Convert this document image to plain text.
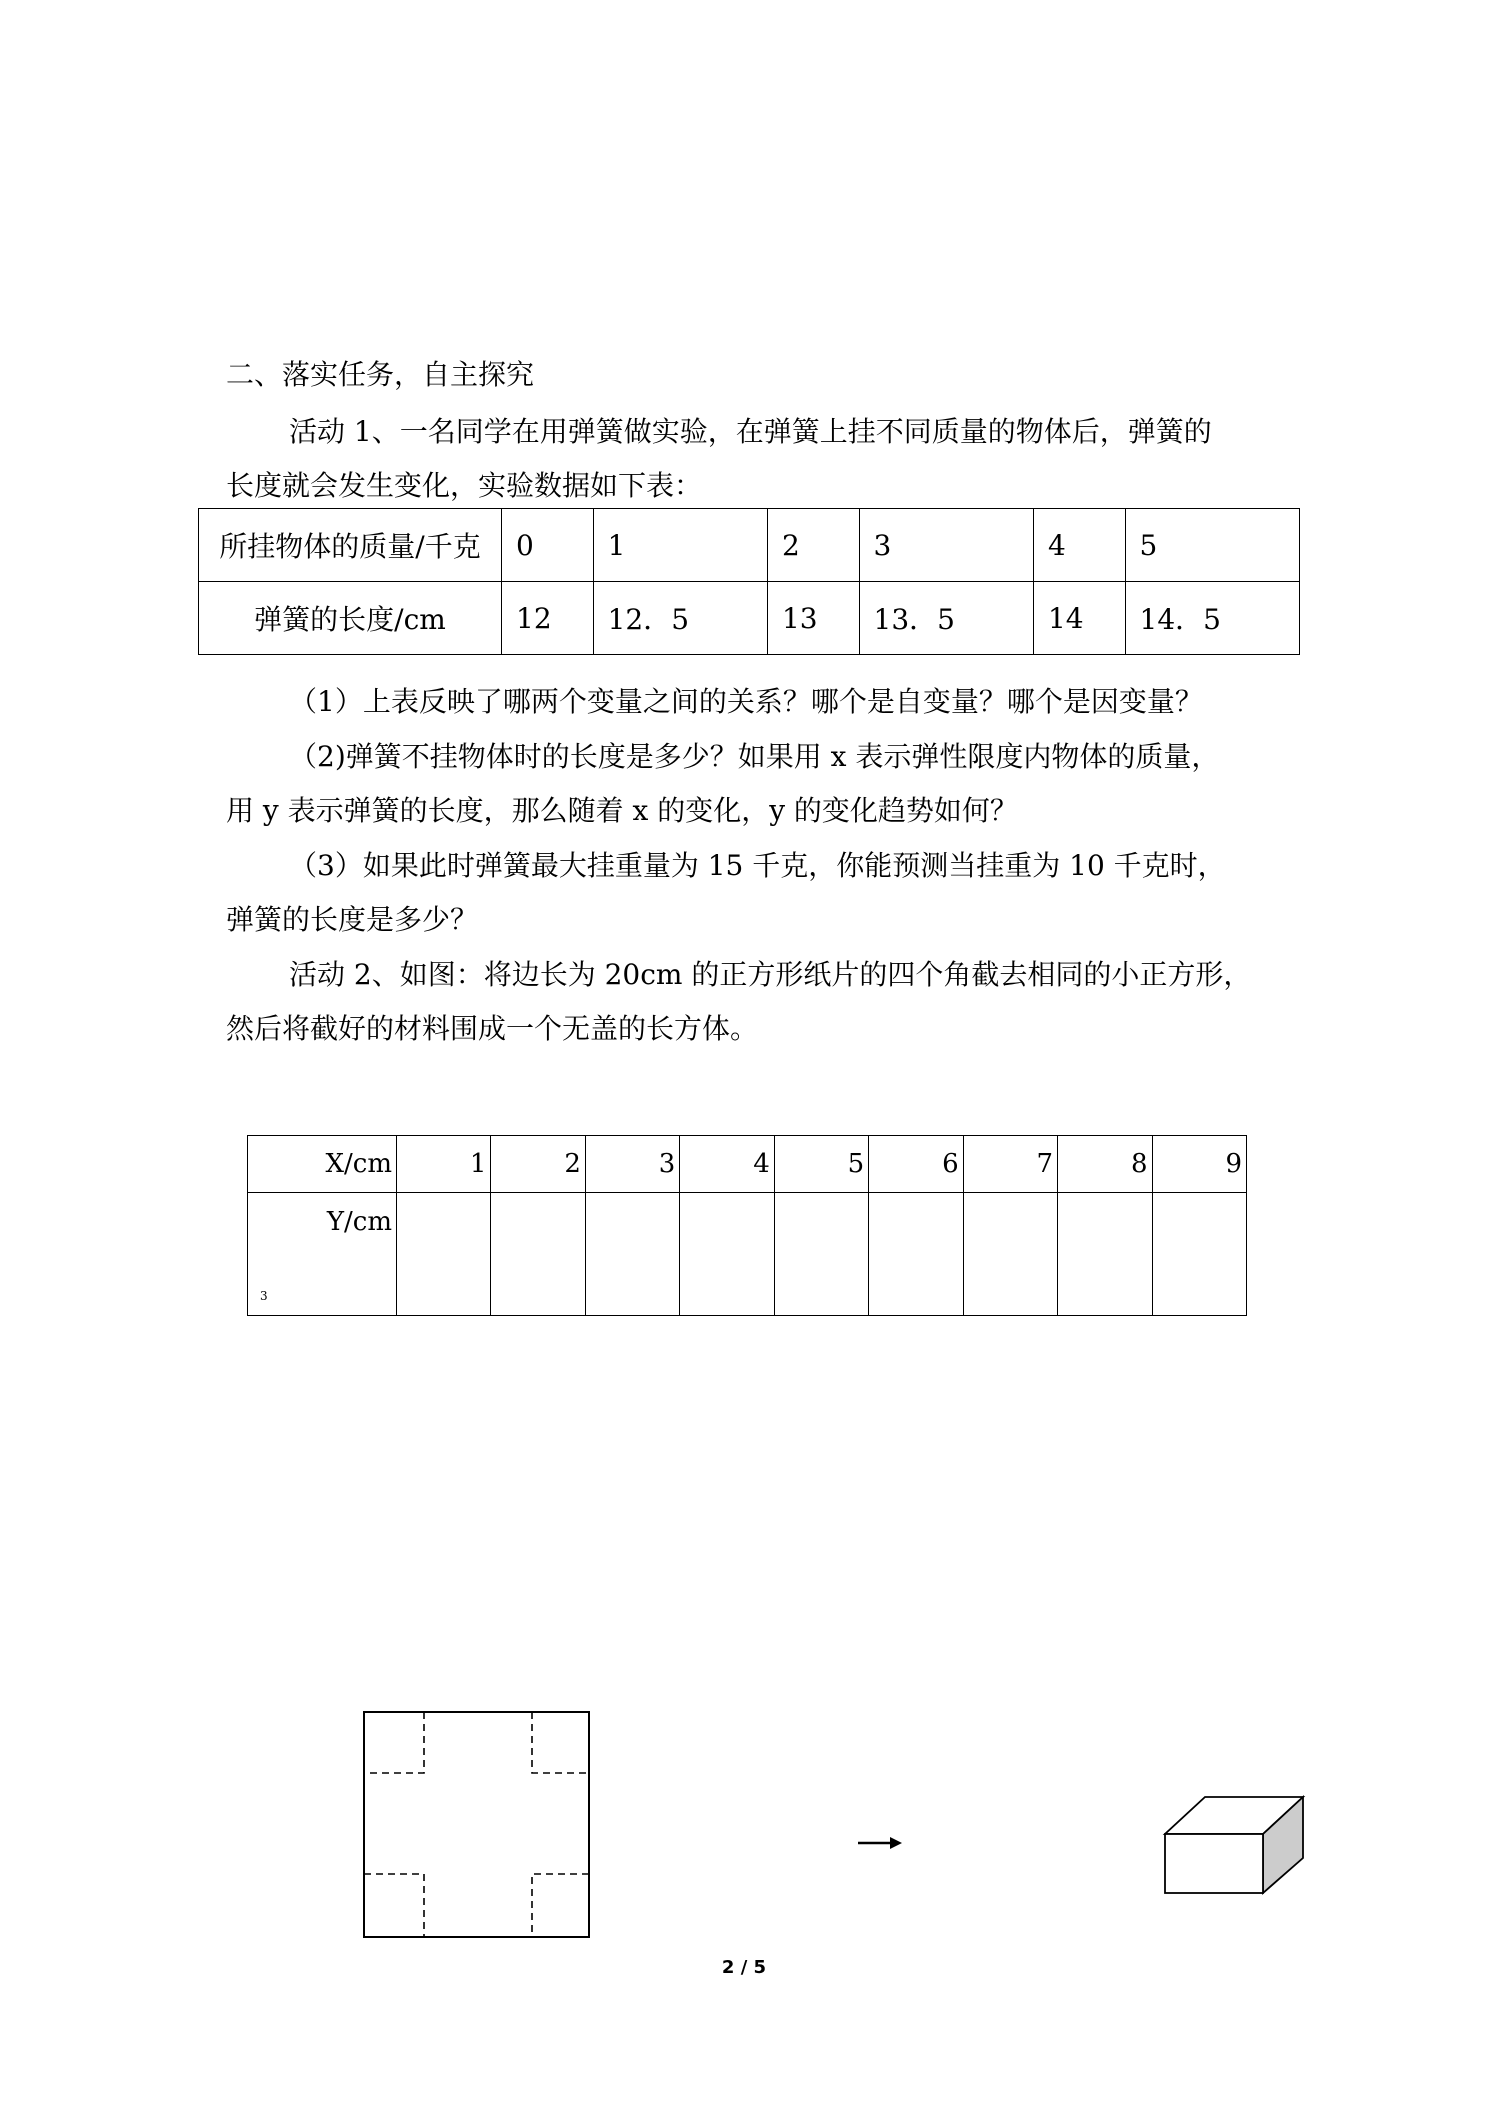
二、落实任务，自主探究
活动 1、一名同学在用弹簧做实验，在弹簧上挂不同质量的物体后，弹簧的
长度就会发生变化，实验数据如下表：
所挂物体的质量/千克	0	1	2	3	4	5
弹簧的长度/cm	12	12．5	13	13．5	14	14．5
（1）上表反映了哪两个变量之间的关系？哪个是自变量？哪个是因变量？
（2)弹簧不挂物体时的长度是多少？如果用 x 表示弹性限度内物体的质量，
用 y 表示弹簧的长度，那么随着 x 的变化，y 的变化趋势如何？
（3）如果此时弹簧最大挂重量为 15 千克，你能预测当挂重为 10 千克时，
弹簧的长度是多少？
活动 2、如图：将边长为 20cm 的正方形纸片的四个角截去相同的小正方形，
然后将截好的材料围成一个无盖的长方体。
X/cm	1	2	3	4	5	6	7	8	9
Y/cm
3									

2 / 5
